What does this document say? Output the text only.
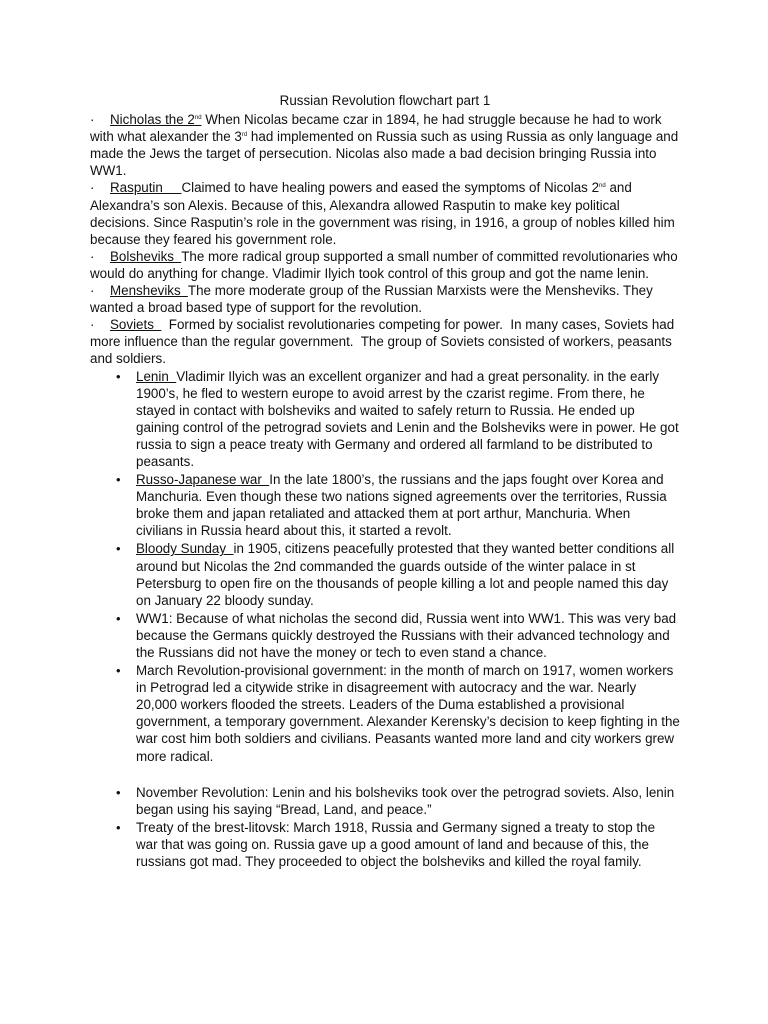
Russian Revolution flowchart part 1

· Nicholas the 2nd When Nicolas became czar in 1894, he had struggle because he had to work with what alexander the 3rd had implemented on Russia such as using Russia as only language and made the Jews the target of persecution. Nicolas also made a bad decision bringing Russia into WW1.

· Rasputin     Claimed to have healing powers and eased the symptoms of Nicolas 2nd and Alexandra’s son Alexis. Because of this, Alexandra allowed Rasputin to make key political decisions. Since Rasputin’s role in the government was rising, in 1916, a group of nobles killed him because they feared his government role.

· Bolsheviks  The more radical group supported a small number of committed revolutionaries who would do anything for change. Vladimir Ilyich took control of this group and got the name lenin.

· Mensheviks  The more moderate group of the Russian Marxists were the Mensheviks. They wanted a broad based type of support for the revolution.

· Soviets    Formed by socialist revolutionaries competing for power.  In many cases, Soviets had more influence than the regular government.  The group of Soviets consisted of workers, peasants and soldiers.

• Lenin  Vladimir Ilyich was an excellent organizer and had a great personality. in the early 1900’s, he fled to western europe to avoid arrest by the czarist regime. From there, he stayed in contact with bolsheviks and waited to safely return to Russia. He ended up gaining control of the petrograd soviets and Lenin and the Bolsheviks were in power. He got russia to sign a peace treaty with Germany and ordered all farmland to be distributed to peasants.
• Russo-Japanese war  In the late 1800’s, the russians and the japs fought over Korea and Manchuria. Even though these two nations signed agreements over the territories, Russia broke them and japan retaliated and attacked them at port arthur, Manchuria. When civilians in Russia heard about this, it started a revolt.
• Bloody Sunday  in 1905, citizens peacefully protested that they wanted better conditions all around but Nicolas the 2nd commanded the guards outside of the winter palace in st Petersburg to open fire on the thousands of people killing a lot and people named this day on January 22 bloody sunday.
• WW1: Because of what nicholas the second did, Russia went into WW1. This was very bad because the Germans quickly destroyed the Russians with their advanced technology and the Russians did not have the money or tech to even stand a chance.
• March Revolution-provisional government: in the month of march on 1917, women workers in Petrograd led a citywide strike in disagreement with autocracy and the war. Nearly 20,000 workers flooded the streets. Leaders of the Duma established a provisional government, a temporary government. Alexander Kerensky’s decision to keep fighting in the war cost him both soldiers and civilians. Peasants wanted more land and city workers grew more radical.
• November Revolution: Lenin and his bolsheviks took over the petrograd soviets. Also, lenin began using his saying “Bread, Land, and peace.”
• Treaty of the brest-litovsk: March 1918, Russia and Germany signed a treaty to stop the war that was going on. Russia gave up a good amount of land and because of this, the russians got mad. They proceeded to object the bolsheviks and killed the royal family.
